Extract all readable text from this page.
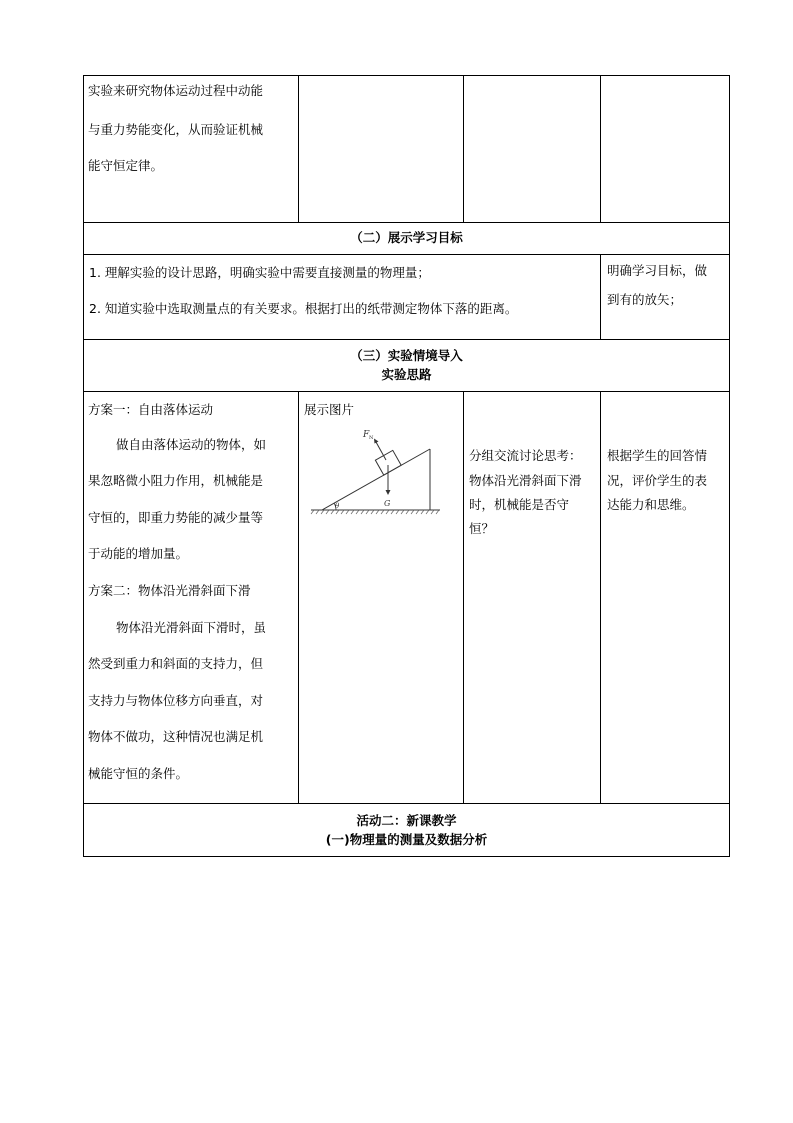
实验来研究物体运动过程中动能
与重力势能变化，从而验证机械
能守恒定律。
（二）展示学习目标
1. 理解实验的设计思路，明确实验中需要直接测量的物理量；
2. 知道实验中选取测量点的有关要求。根据打出的纸带测定物体下落的距离。
明确学习目标，做
到有的放矢；
（三）实验情境导入
实验思路
方案一：自由落体运动
做自由落体运动的物体，如
果忽略微小阻力作用，机械能是
守恒的，即重力势能的减少量等
于动能的增加量。
方案二：物体沿光滑斜面下滑
物体沿光滑斜面下滑时，虽
然受到重力和斜面的支持力，但
支持力与物体位移方向垂直，对
物体不做功，这种情况也满足机
械能守恒的条件。
展示图片
F N
G
θ
分组交流讨论思考：
物体沿光滑斜面下滑
时，机械能是否守
恒？
根据学生的回答情
况，评价学生的表
达能力和思维。
活动二：新课教学
(一)物理量的测量及数据分析
